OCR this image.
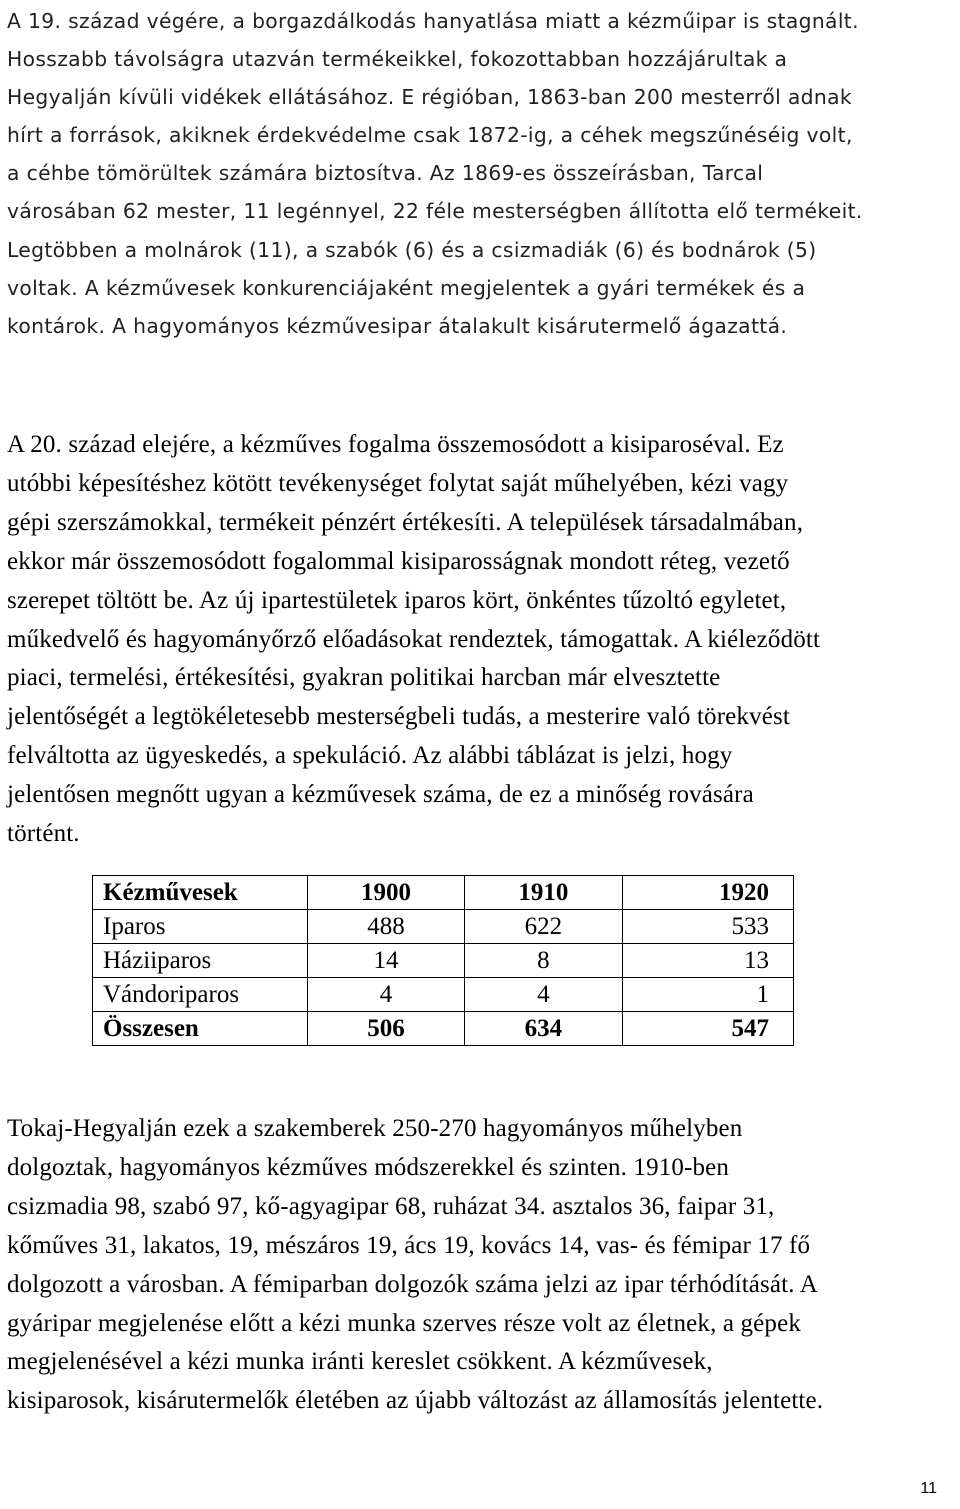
A 19. század végére, a borgazdálkodás hanyatlása miatt a kézműipar is stagnált.
Hosszabb távolságra utazván termékeikkel, fokozottabban hozzájárultak a
Hegyalján kívüli vidékek ellátásához. E régióban, 1863-ban 200 mesterről adnak
hírt a források, akiknek érdekvédelme csak 1872-ig, a céhek megszűnéséig volt,
a céhbe tömörültek számára biztosítva. Az 1869-es összeírásban, Tarcal
városában 62 mester, 11 legénnyel, 22 féle mesterségben állította elő termékeit.
Legtöbben a molnárok (11), a szabók (6) és a csizmadiák (6) és bodnárok (5)
voltak. A kézművesek konkurenciájaként megjelentek a gyári termékek és a
kontárok. A hagyományos kézművesipar átalakult kisárutermelő ágazattá.

A 20. század elejére, a kézműves fogalma összemosódott a kisiparoséval. Ez
utóbbi képesítéshez kötött tevékenységet folytat saját műhelyében, kézi vagy
gépi szerszámokkal, termékeit pénzért értékesíti. A települések társadalmában,
ekkor már összemosódott fogalommal kisiparosságnak mondott réteg, vezető
szerepet töltött be. Az új ipartestületek iparos kört, önkéntes tűzoltó egyletet,
műkedvelő és hagyományőrző előadásokat rendeztek, támogattak. A kiéleződött
piaci, termelési, értékesítési, gyakran politikai harcban már elvesztette
jelentőségét a legtökéletesebb mesterségbeli tudás, a mesterire való törekvést
felváltotta az ügyeskedés, a spekuláció. Az alábbi táblázat is jelzi, hogy
jelentősen megnőtt ugyan a kézművesek száma, de ez a minőség rovására
történt.

Kézművesek	1900	1910	1920
Iparos	488	622	533
Háziiparos	14	8	13
Vándoriparos	4	4	1
Összesen	506	634	547

Tokaj-Hegyalján ezek a szakemberek 250-270 hagyományos műhelyben
dolgoztak, hagyományos kézműves módszerekkel és szinten. 1910-ben
csizmadia 98, szabó 97, kő-agyagipar 68, ruházat 34. asztalos 36, faipar 31,
kőműves 31, lakatos, 19, mészáros 19, ács 19, kovács 14, vas- és fémipar 17 fő
dolgozott a városban. A fémiparban dolgozók száma jelzi az ipar térhódítását. A
gyáripar megjelenése előtt a kézi munka szerves része volt az életnek, a gépek
megjelenésével a kézi munka iránti kereslet csökkent. A kézművesek,
kisiparosok, kisárutermelők életében az újabb változást az államosítás jelentette.

11
